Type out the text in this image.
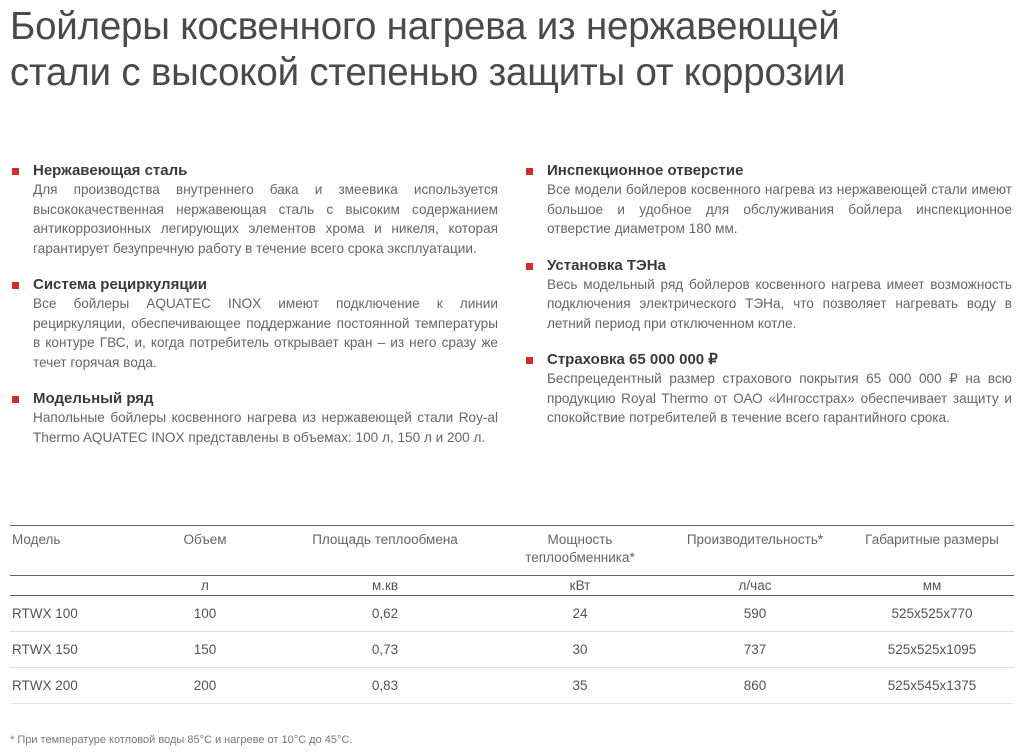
Бойлеры косвенного нагрева из нержавеющей
стали с высокой степенью защиты от коррозии
Нержавеющая сталь
Для производства внутреннего бака и змеевика используется высококачественная нержавеющая сталь с высоким содержанием антикоррозионных легирующих элементов хрома и никеля, которая гарантирует безупречную работу в течение всего срока эксплуатации.
Система рециркуляции
Все бойлеры AQUATEC INOX имеют подключение к линии рециркуляции, обеспечивающее поддержание постоянной температуры в контуре ГВС, и, когда потребитель открывает кран – из него сразу же течет горячая вода.
Модельный ряд
Напольные бойлеры косвенного нагрева из нержавеющей стали Roy-al Thermo AQUATEC INOX представлены в объемах: 100 л, 150 л и 200 л.
Инспекционное отверстие
Все модели бойлеров косвенного нагрева из нержавеющей стали имеют большое и удобное для обслуживания бойлера инспекционное отверстие диаметром 180 мм.
Установка ТЭНа
Весь модельный ряд бойлеров косвенного нагрева имеет возможность подключения электрического ТЭНа, что позволяет нагревать воду в летний период при отключенном котле.
Страховка 65 000 000 ₽
Беспрецедентный размер страхового покрытия 65 000 000 ₽ на всю продукцию Royal Thermo от ОАО «Ингосстрах» обеспечивает защиту и спокойствие потребителей в течение всего гарантийного срока.
Модель	Объем	Площадь теплообмена	Мощность теплообменника*	Производительность*	Габаритные размеры
	л	м.кв	кВт	л/час	мм
RTWX 100	100	0,62	24	590	525x525x770
RTWX 150	150	0,73	30	737	525x525x1095
RTWX 200	200	0,83	35	860	525x545x1375
* При температуре котловой воды 85°С и нагреве от 10°С до 45°С.
